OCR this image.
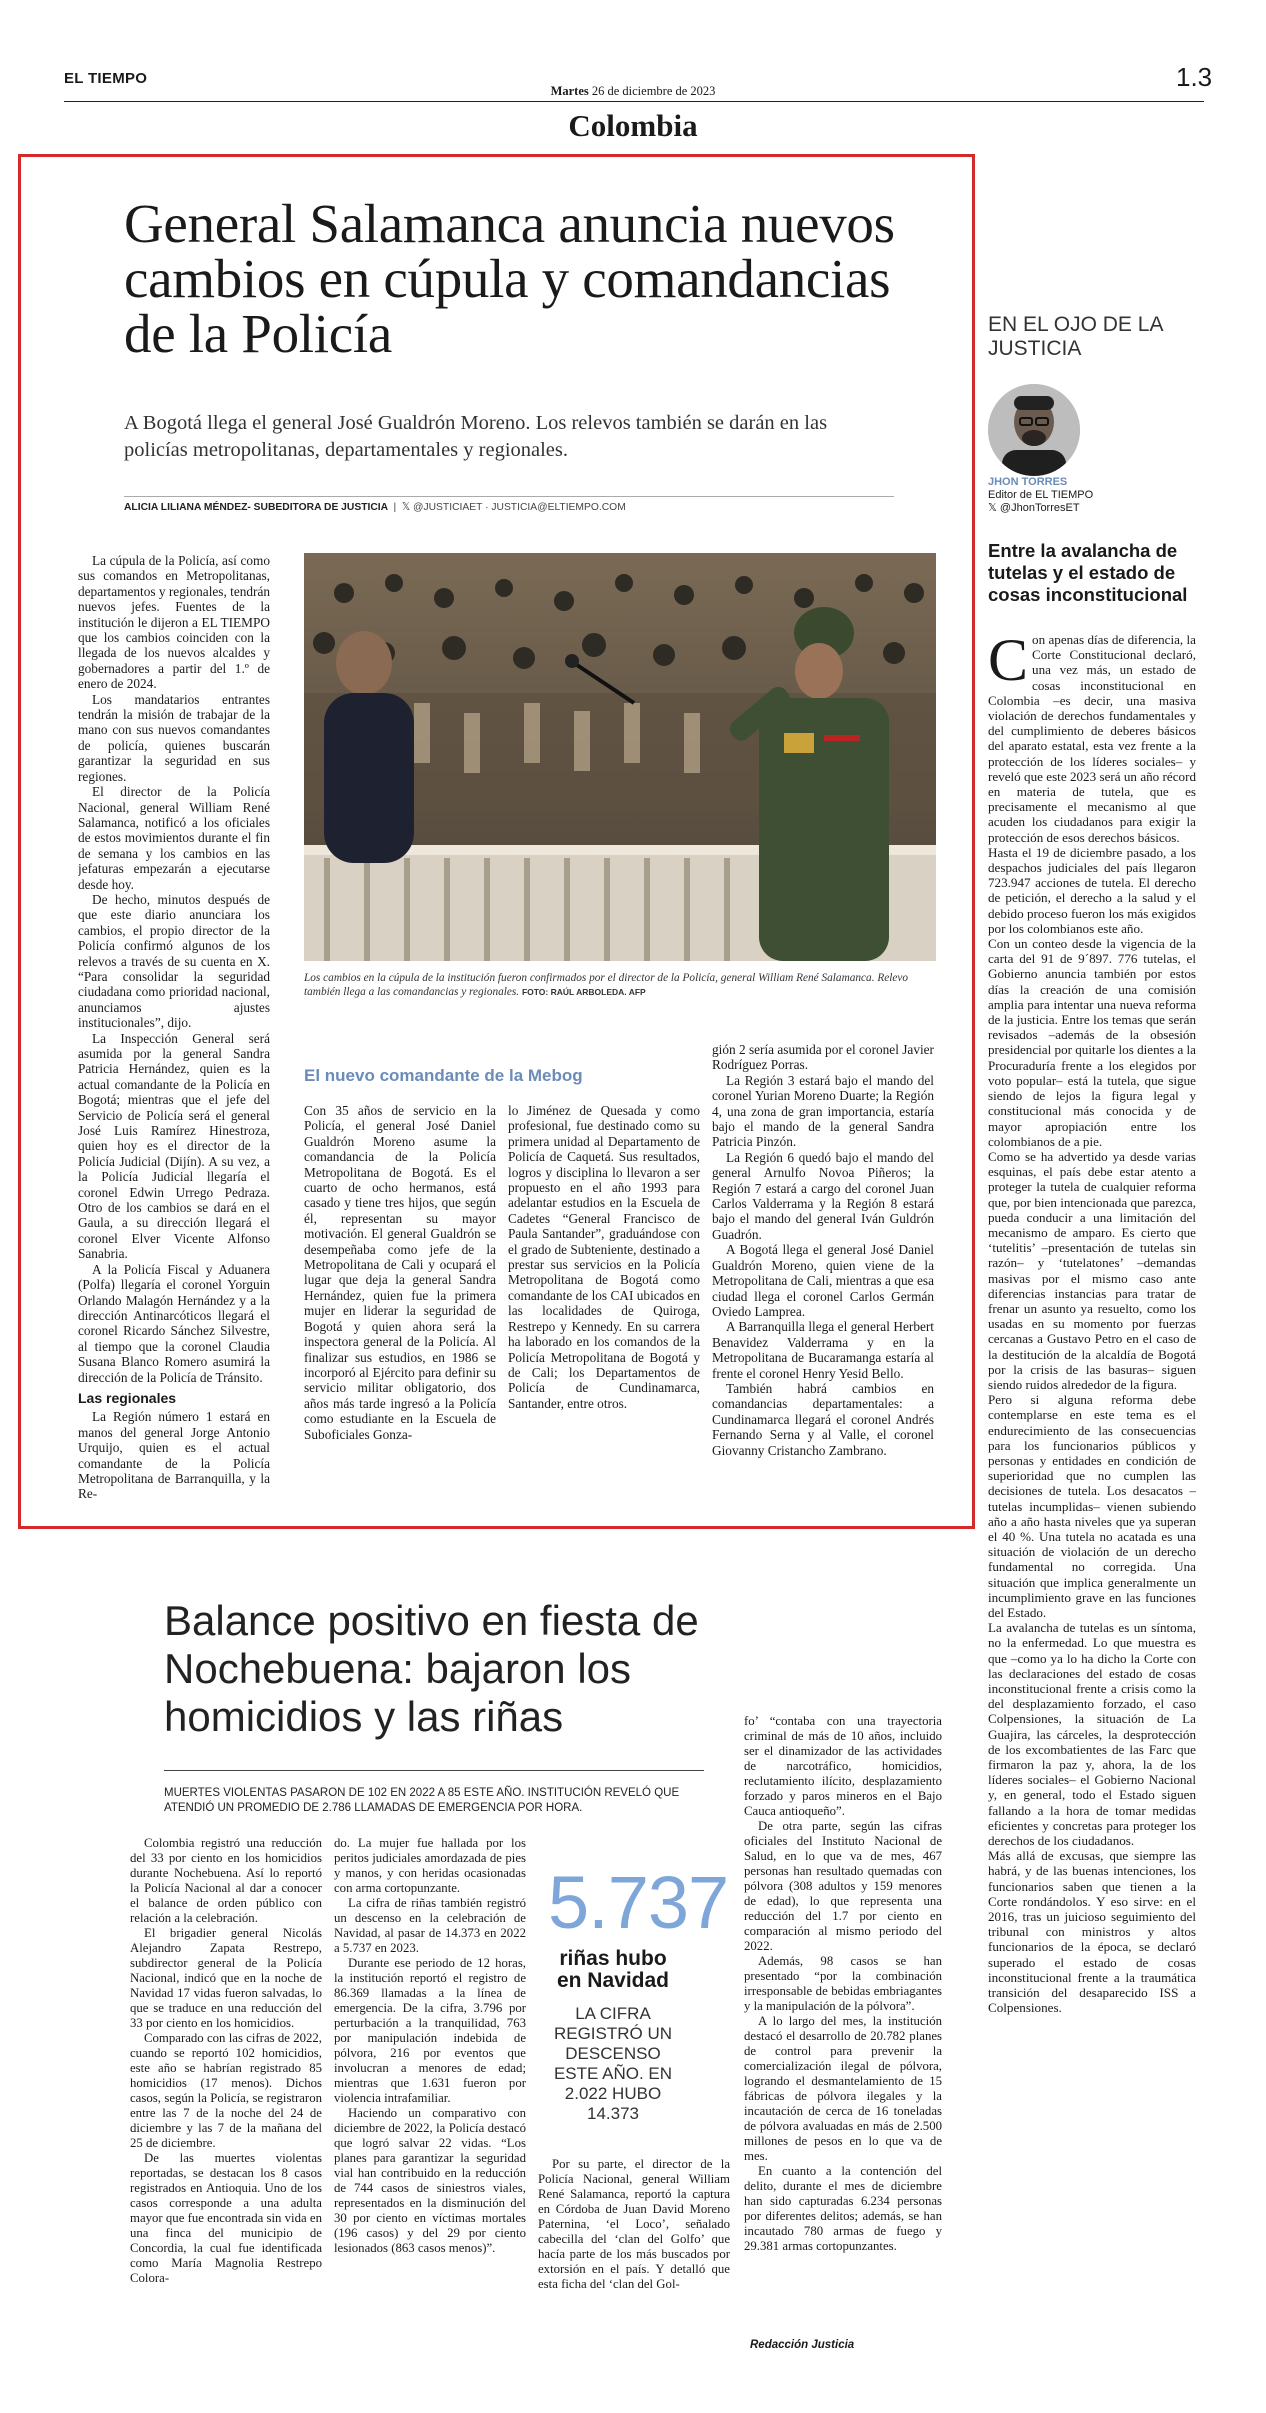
EL TIEMPO
Martes 26 de diciembre de 2023	1.3
Colombia
General Salamanca anuncia nuevos cambios en cúpula y comandancias de la Policía
A Bogotá llega el general José Gualdrón Moreno. Los relevos también se darán en las policías metropolitanas, departamentales y regionales.
ALICIA LILIANA MÉNDEZ- SUBEDITORA DE JUSTICIA  |  𝕏 @JUSTICIAET · JUSTICIA@ELTIEMPO.COM
Los cambios en la cúpula de la institución fueron confirmados por el director de la Policía, general William René Salamanca. Relevo también llega a las comandancias y regionales. FOTO: RAÚL ARBOLEDA. AFP

La cúpula de la Policía, así como sus comandos en Metropolitanas, departamentos y regionales, tendrán nuevos jefes. Fuentes de la institución le dijeron a EL TIEMPO que los cambios coinciden con la llegada de los nuevos alcaldes y gobernadores a partir del 1.º de enero de 2024.

Los mandatarios entrantes tendrán la misión de trabajar de la mano con sus nuevos comandantes de policía, quienes buscarán garantizar la seguridad en sus regiones.

El director de la Policía Nacional, general William René Salamanca, notificó a los oficiales de estos movimientos durante el fin de semana y los cambios en las jefaturas empezarán a ejecutarse desde hoy.

De hecho, minutos después de que este diario anunciara los cambios, el propio director de la Policía confirmó algunos de los relevos a través de su cuenta en X. “Para consolidar la seguridad ciudadana como prioridad nacional, anunciamos ajustes institucionales”, dijo.

La Inspección General será asumida por la general Sandra Patricia Hernández, quien es la actual comandante de la Policía en Bogotá; mientras que el jefe del Servicio de Policía será el general José Luis Ramírez Hinestroza, quien hoy es el director de la Policía Judicial (Dijín). A su vez, a la Policía Judicial llegaría el coronel Edwin Urrego Pedraza. Otro de los cambios se dará en el Gaula, a su dirección llegará el coronel Elver Vicente Alfonso Sanabria.

A la Policía Fiscal y Aduanera (Polfa) llegaría el coronel Yorguin Orlando Malagón Hernández y a la dirección Antinarcóticos llegará el coronel Ricardo Sánchez Silvestre, al tiempo que la coronel Claudia Susana Blanco Romero asumirá la dirección de la Policía de Tránsito.

Las regionales

La Región número 1 estará en manos del general Jorge Antonio Urquijo, quien es el actual comandante de la Policía Metropolitana de Barranquilla, y la Re-

El nuevo comandante de la Mebog

Con 35 años de servicio en la Policía, el general José Daniel Gualdrón Moreno asume la comandancia de la Policía Metropolitana de Bogotá. Es el cuarto de ocho hermanos, está casado y tiene tres hijos, que según él, representan su mayor motivación. El general Gualdrón se desempeñaba como jefe de la Metropolitana de Cali y ocupará el lugar que deja la general Sandra Hernández, quien fue la primera mujer en liderar la seguridad de Bogotá y quien ahora será la inspectora general de la Policía. Al finalizar sus estudios, en 1986 se incorporó al Ejército para definir su servicio militar obligatorio, dos años más tarde ingresó a la Policía como estudiante en la Escuela de Suboficiales Gonza-

lo Jiménez de Quesada y como profesional, fue destinado como su primera unidad al Departamento de Policía de Caquetá. Sus resultados, logros y disciplina lo llevaron a ser propuesto en el año 1993 para adelantar estudios en la Escuela de Cadetes “General Francisco de Paula Santander”, graduándose con el grado de Subteniente, destinado a prestar sus servicios en la Policía Metropolitana de Bogotá como comandante de los CAI ubicados en las localidades de Quiroga, Restrepo y Kennedy. En su carrera ha laborado en los comandos de la Policía Metropolitana de Bogotá y de Cali; los Departamentos de Policía de Cundinamarca, Santander, entre otros.

gión 2 sería asumida por el coronel Javier Rodríguez Porras.

La Región 3 estará bajo el mando del coronel Yurian Moreno Duarte; la Región 4, una zona de gran importancia, estaría bajo el mando de la general Sandra Patricia Pinzón.

La Región 6 quedó bajo el mando del general Arnulfo Novoa Piñeros; la Región 7 estará a cargo del coronel Juan Carlos Valderrama y la Región 8 estará bajo el mando del general Iván Guldrón Guadrón.

A Bogotá llega el general José Daniel Gualdrón Moreno, quien viene de la Metropolitana de Cali, mientras a que esa ciudad llega el coronel Carlos Germán Oviedo Lamprea.

A Barranquilla llega el general Herbert Benavidez Valderrama y en la Metropolitana de Bucaramanga estaría al frente el coronel Henry Yesid Bello.

También habrá cambios en comandancias departamentales: a Cundinamarca llegará el coronel Andrés Fernando Serna y al Valle, el coronel Giovanny Cristancho Zambrano.

EN EL OJO DE LA JUSTICIA
JHON TORRES
Editor de EL TIEMPO
𝕏 @JhonTorresET
Entre la avalancha de tutelas y el estado de cosas inconstitucional

Con apenas días de diferencia, la Corte Constitucional declaró, una vez más, un estado de cosas inconstitucional en Colombia –es decir, una masiva violación de derechos fundamentales y del cumplimiento de deberes básicos del aparato estatal, esta vez frente a la protección de los líderes sociales– y reveló que este 2023 será un año récord en materia de tutela, que es precisamente el mecanismo al que acuden los ciudadanos para exigir la protección de esos derechos básicos.

Hasta el 19 de diciembre pasado, a los despachos judiciales del país llegaron 723.947 acciones de tutela. El derecho de petición, el derecho a la salud y el debido proceso fueron los más exigidos por los colombianos este año.

Con un conteo desde la vigencia de la carta del 91 de 9´897. 776 tutelas, el Gobierno anuncia también por estos días la creación de una comisión amplia para intentar una nueva reforma de la justicia. Entre los temas que serán revisados –además de la obsesión presidencial por quitarle los dientes a la Procuraduría frente a los elegidos por voto popular– está la tutela, que sigue siendo de lejos la figura legal y constitucional más conocida y de mayor apropiación entre los colombianos de a pie.

Como se ha advertido ya desde varias esquinas, el país debe estar atento a proteger la tutela de cualquier reforma que, por bien intencionada que parezca, pueda conducir a una limitación del mecanismo de amparo. Es cierto que ‘tutelitis’ –presentación de tutelas sin razón– y ‘tutelatones’ –demandas masivas por el mismo caso ante diferencias instancias para tratar de frenar un asunto ya resuelto, como los usadas en su momento por fuerzas cercanas a Gustavo Petro en el caso de la destitución de la alcaldía de Bogotá por la crisis de las basuras– siguen siendo ruidos alrededor de la figura.

Pero si alguna reforma debe contemplarse en este tema es el endurecimiento de las consecuencias para los funcionarios públicos y personas y entidades en condición de superioridad que no cumplen las decisiones de tutela. Los desacatos –tutelas incumplidas– vienen subiendo año a año hasta niveles que ya superan el 40 %. Una tutela no acatada es una situación de violación de un derecho fundamental no corregida. Una situación que implica generalmente un incumplimiento grave en las funciones del Estado.

La avalancha de tutelas es un síntoma, no la enfermedad. Lo que muestra es que –como ya lo ha dicho la Corte con las declaraciones del estado de cosas inconstitucional frente a crisis como la del desplazamiento forzado, el caso Colpensiones, la situación de La Guajira, las cárceles, la desprotección de los excombatientes de las Farc que firmaron la paz y, ahora, la de los líderes sociales– el Gobierno Nacional y, en general, todo el Estado siguen fallando a la hora de tomar medidas eficientes y concretas para proteger los derechos de los ciudadanos.

Más allá de excusas, que siempre las habrá, y de las buenas intenciones, los funcionarios saben que tienen a la Corte rondándolos. Y eso sirve: en el 2016, tras un juicioso seguimiento del tribunal con ministros y altos funcionarios de la época, se declaró superado el estado de cosas inconstitucional frente a la traumática transición del desaparecido ISS a Colpensiones.

Balance positivo en fiesta de Nochebuena: bajaron los homicidios y las riñas
MUERTES VIOLENTAS PASARON DE 102 EN 2022 A 85 ESTE AÑO. INSTITUCIÓN REVELÓ QUE ATENDIÓ UN PROMEDIO DE 2.786 LLAMADAS DE EMERGENCIA POR HORA.

Colombia registró una reducción del 33 por ciento en los homicidios durante Nochebuena. Así lo reportó la Policía Nacional al dar a conocer el balance de orden público con relación a la celebración.

El brigadier general Nicolás Alejandro Zapata Restrepo, subdirector general de la Policía Nacional, indicó que en la noche de Navidad 17 vidas fueron salvadas, lo que se traduce en una reducción del 33 por ciento en los homicidios.

Comparado con las cifras de 2022, cuando se reportó 102 homicidios, este año se habrían registrado 85 homicidios (17 menos). Dichos casos, según la Policía, se registraron entre las 7 de la noche del 24 de diciembre y las 7 de la mañana del 25 de diciembre.

De las muertes violentas reportadas, se destacan los 8 casos registrados en Antioquia. Uno de los casos corresponde a una adulta mayor que fue encontrada sin vida en una finca del municipio de Concordia, la cual fue identificada como María Magnolia Restrepo Colora-

do. La mujer fue hallada por los peritos judiciales amordazada de pies y manos, y con heridas ocasionadas con arma cortopunzante.

La cifra de riñas también registró un descenso en la celebración de Navidad, al pasar de 14.373 en 2022 a 5.737 en 2023.

Durante ese periodo de 12 horas, la institución reportó el registro de 86.369 llamadas a la línea de emergencia. De la cifra, 3.796 por perturbación a la tranquilidad, 763 por manipulación indebida de pólvora, 216 por eventos que involucran a menores de edad; mientras que 1.631 fueron por violencia intrafamiliar.

Haciendo un comparativo con diciembre de 2022, la Policía destacó que logró salvar 22 vidas. “Los planes para garantizar la seguridad vial han contribuido en la reducción de 744 casos de siniestros viales, representados en la disminución del 30 por ciento en víctimas mortales (196 casos) y del 29 por ciento lesionados (863 casos menos)”.

5.737
riñas hubo en Navidad
LA CIFRA REGISTRÓ UN DESCENSO ESTE AÑO. EN 2.022 HUBO 14.373

Por su parte, el director de la Policía Nacional, general William René Salamanca, reportó la captura en Córdoba de Juan David Moreno Paternina, ‘el Loco’, señalado cabecilla del ‘clan del Golfo’ que hacía parte de los más buscados por extorsión en el país. Y detalló que esta ficha del ‘clan del Gol-

fo’ “contaba con una trayectoria criminal de más de 10 años, incluido ser el dinamizador de las actividades de narcotráfico, homicidios, reclutamiento ilícito, desplazamiento forzado y paros mineros en el Bajo Cauca antioqueño”.

De otra parte, según las cifras oficiales del Instituto Nacional de Salud, en lo que va de mes, 467 personas han resultado quemadas con pólvora (308 adultos y 159 menores de edad), lo que representa una reducción del 1.7 por ciento en comparación al mismo periodo del 2022.

Además, 98 casos se han presentado “por la combinación irresponsable de bebidas embriagantes y la manipulación de la pólvora”.

A lo largo del mes, la institución destacó el desarrollo de 20.782 planes de control para prevenir la comercialización ilegal de pólvora, logrando el desmantelamiento de 15 fábricas de pólvora ilegales y la incautación de cerca de 16 toneladas de pólvora avaluadas en más de 2.500 millones de pesos en lo que va de mes.

En cuanto a la contención del delito, durante el mes de diciembre han sido capturadas 6.234 personas por diferentes delitos; además, se han incautado 780 armas de fuego y 29.381 armas cortopunzantes.

Redacción Justicia
